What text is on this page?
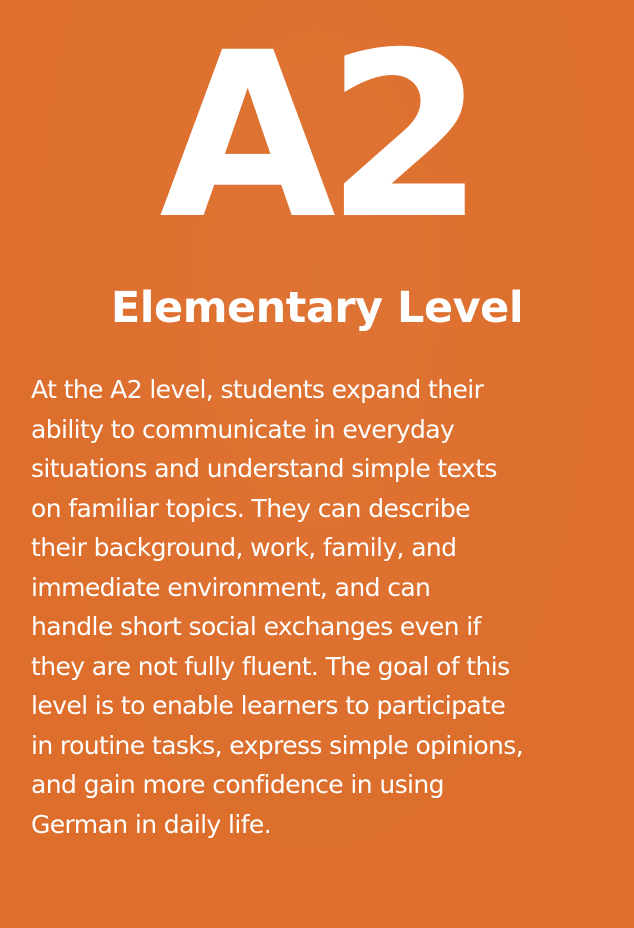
A2
Elementary Level

At the A2 level, students expand their
ability to communicate in everyday
situations and understand simple texts
on familiar topics. They can describe
their background, work, family, and
immediate environment, and can
handle short social exchanges even if
they are not fully fluent. The goal of this
level is to enable learners to participate
in routine tasks, express simple opinions,
and gain more confidence in using
German in daily life.
